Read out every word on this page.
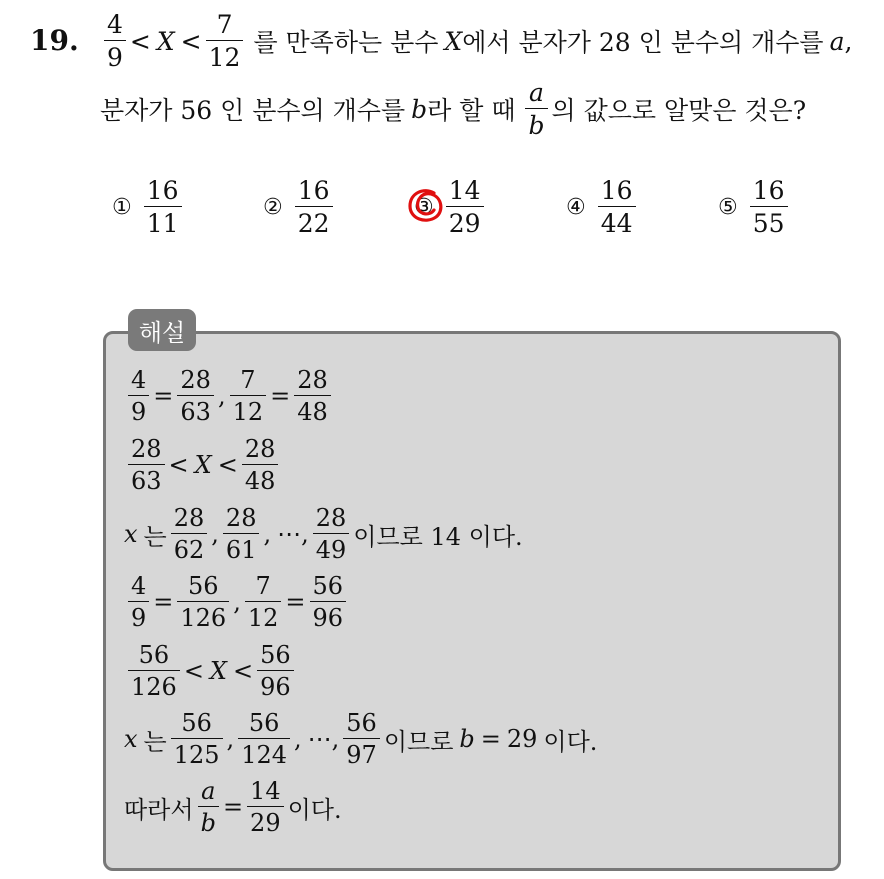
19. $\frac{4}{9} < X < \frac{7}{12}$ 를 만족하는 분수 X 에서 분자가 28 인 분수의 개수를 a ,
분자가 56 인 분수의 개수를 b 라 할 때 $\frac{a}{b}$ 의 값으로 알맞은 것은?
① $\frac{16}{11}$	② $\frac{16}{22}$	③ $\frac{14}{29}$	④ $\frac{16}{44}$	⑤ $\frac{16}{55}$
해설
$\frac{4}{9} = \frac{28}{63}$ , $\frac{7}{12} = \frac{28}{48}$
$\frac{28}{63} < X < \frac{28}{48}$
x 는 $\frac{28}{62}$ , $\frac{28}{61}$ , ⋯ , $\frac{28}{49}$ 이므로 14 이다.
$\frac{4}{9} = \frac{56}{126}$ , $\frac{7}{12} = \frac{56}{96}$
$\frac{56}{126} < X < \frac{56}{96}$
x 는 $\frac{56}{125}$ , $\frac{56}{124}$ , ⋯ , $\frac{56}{97}$ 이므로 b = 29 이다.
따라서 $\frac{a}{b} = \frac{14}{29}$ 이다.
